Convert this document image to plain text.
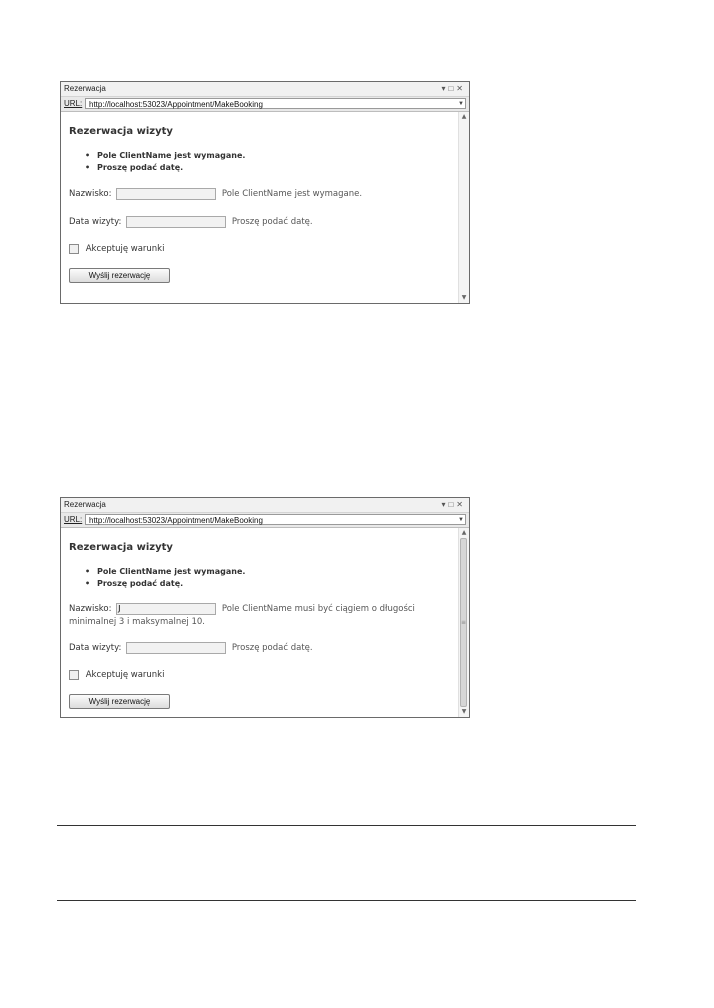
Rezerwacja	▾□✕
URL: http://localhost:53023/Appointment/MakeBooking	▼
Rezerwacja wizyty
• Pole ClientName jest wymagane.
• Proszę podać datę.
Nazwisko:	Pole ClientName jest wymagane.
Data wizyty:	Proszę podać datę.
Akceptuję warunki
Wyślij rezerwację
▲
▼
Rezerwacja	▾□✕
URL: http://localhost:53023/Appointment/MakeBooking	▼
Rezerwacja wizyty
• Pole ClientName jest wymagane.
• Proszę podać datę.
Nazwisko: J	Pole ClientName musi być ciągiem o długości
minimalnej 3 i maksymalnej 10.
Data wizyty:	Proszę podać datę.
Akceptuję warunki
Wyślij rezerwację
▲
≡
▼
